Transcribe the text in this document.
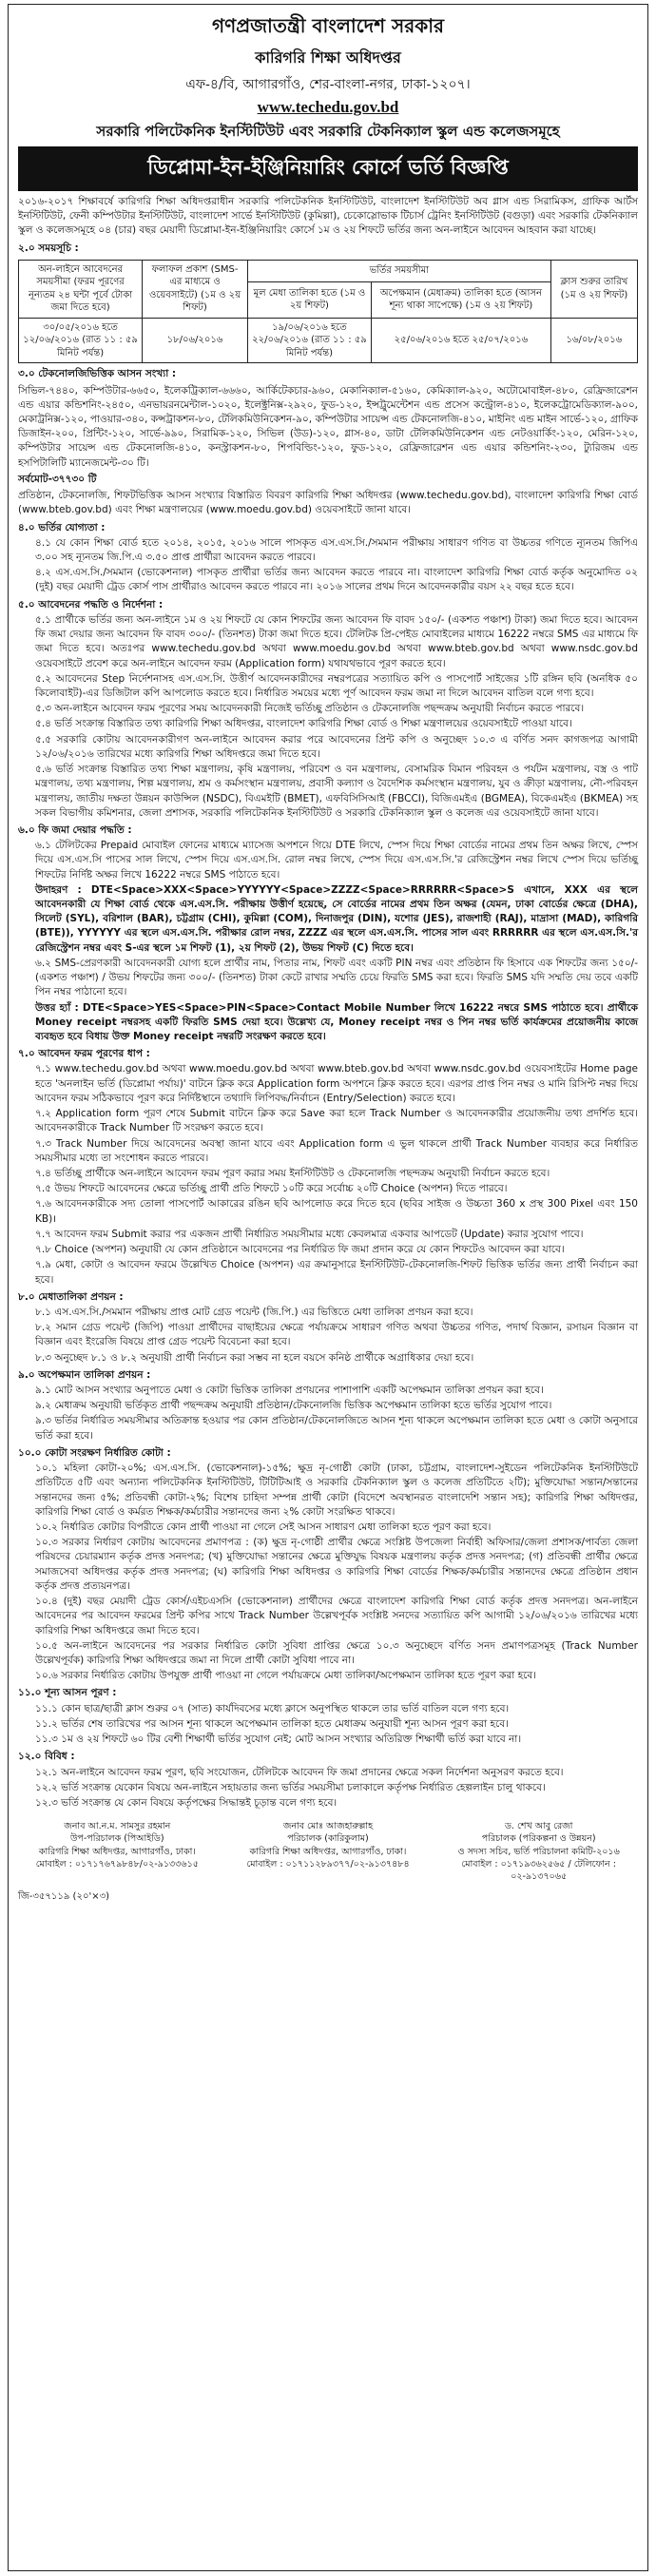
গণপ্রজাতন্ত্রী বাংলাদেশ সরকার
কারিগরি শিক্ষা অধিদপ্তর
এফ-৪/বি, আগারগাঁও, শের-বাংলা-নগর, ঢাকা-১২০৭।
www.techedu.gov.bd
সরকারি পলিটেকনিক ইনস্টিটিউট এবং সরকারি টেকনিক্যাল স্কুল এন্ড কলেজসমূহে
ডিপ্লোমা-ইন-ইঞ্জিনিয়ারিং কোর্সে ভর্তি বিজ্ঞপ্তি
২০১৬-২০১৭ শিক্ষাবর্ষে কারিগরি শিক্ষা অধিদপ্তরাধীন সরকারি পলিটেকনিক ইনস্টিটিউট, বাংলাদেশ ইনস্টিটিউট অব গ্লাস এন্ড সিরামিকস, গ্রাফিক আর্টস ইনস্টিটিউট, ফেনী কম্পিউটার ইনস্টিটিউট, বাংলাদেশ সার্ভে ইনস্টিটিউট (কুমিল্লা), চেকোস্লোভাক টিচার্স ট্রেনিং ইনস্টিটিউট (বগুড়া) এবং সরকারি টেকনিক্যাল স্কুল ও কলেজসমূহে ০৪ (চার) বছর মেয়াদী ডিপ্লোমা-ইন-ইঞ্জিনিয়ারিং কোর্সে ১ম ও ২য় শিফটে ভর্তির জন্য অন-লাইনে আবেদন আহবান করা যাচ্ছে।
২.০ সময়সূচি :
অন-লাইনে আবেদনের সময়সীমা (ফরম পূরণের নূন্যতম ২৪ ঘন্টা পূর্বে টোকা জমা দিতে হবে)	ফলাফল প্রকাশ (SMS-এর মাধ্যমে ও ওয়েবসাইটে) (১ম ও ২য় শিফট)	ভর্তির সময়সীমা		ক্লাস শুরুর তারিখ (১ম ও ২য় শিফট)
		মূল মেধা তালিকা হতে (১ম ও ২য় শিফট)	অপেক্ষমান (মেধাক্রম) তালিকা হতে (আসন শূন্য থাকা সাপেক্ষে) (১ম ও ২য় শিফট)	
৩০/০৫/২০১৬ হতে ১২/০৬/২০১৬ (রাত ১১ : ৫৯ মিনিট পর্যন্ত)	১৮/০৬/২০১৬	১৯/০৬/২০১৬ হতে ২২/০৬/২০১৬ (রাত ১১ : ৫৯ মিনিট পর্যন্ত)	২৫/০৬/২০১৬ হতে ২৫/০৭/২০১৬	১৬/০৮/২০১৬
৩.০ টেকনোলজিভিত্তিক আসন সংখ্যা :
সিভিল-৭৪৪০, কম্পিউটার-৬৬৫০, ইলেকট্রিক্যাল-৬৬৬০, আর্কিটেকচার-৯৬০, মেকানিক্যাল-৫১৬০, কেমিক্যাল-৯২০, অটোমোবাইল-৪৮০, রেফ্রিজারেশন এন্ড এয়ার কন্ডিশনিং-২৪৫০, এনভায়রনমেন্টাল-১০২০, ইলেক্ট্রনিক্স-২৯২০, ফুড-১২০, ইন্সট্রুমেন্টেশন এন্ড প্রসেস কন্ট্রোল-৪১০, ইলেকট্রোমেডিক্যাল-৯০০, মেকাট্রনিক্স-১২০, পাওয়ার-৩৪০, কন্সট্রাকশন-৮০, টেলিকমিউনিকেশন-৯০, কম্পিউটার সায়েন্স এন্ড টেকনোলজি-৪১০, মাইনিং এন্ড মাইন সার্ভে-১২০, গ্রাফিক ডিজাইন-২০০, প্রিন্টিং-১২০, সার্ভে-৯৯০, সিরামিক-১২০, সিভিল (উড)-১২০, গ্লাস-৪০, ডাটা টেলিকমিউনিকেশন এন্ড নেটওয়ার্কিং-১২০, মেরিন-১২০, কম্পিউটার সায়েন্স এন্ড টেকনোলজি-৪১০, কনস্ট্রাকশন-৮০, শিপবিল্ডিং-১২০, ফুড-১২০, রেফ্রিজারেশন এন্ড এয়ার কন্ডিশনিং-২৩০, ট্যুরিজম এন্ড হসপিটালিটি ম্যানেজমেন্ট-৩০ টি।
সর্বমোট-৩৭৭৩০ টি
প্রতিষ্ঠান, টেকনোলজি, শিফটভিত্তিক আসন সংখ্যার বিস্তারিত বিবরণ কারিগরি শিক্ষা অধিদপ্তর (www.techedu.gov.bd), বাংলাদেশ কারিগরি শিক্ষা বোর্ড (www.bteb.gov.bd) এবং শিক্ষা মন্ত্রণালয়ের (www.moedu.gov.bd) ওয়েবসাইটে জানা যাবে।
৪.০ ভর্তির যোগ্যতা :
৪.১ যে কোন শিক্ষা বোর্ড হতে ২০১৪, ২০১৫, ২০১৬ সালে পাসকৃত এস.এস.সি./সমমান পরীক্ষায় সাধারণ গণিত বা উচ্চতর গণিতে ন্যূনতম জিপিএ ৩.০০ সহ ন্যূনতম জি.পি.এ ৩.৫০ প্রাপ্ত প্রার্থীরা আবেদন করতে পারবে।
৪.২ এস.এস.সি./সমমান (ভোকেশনাল) পাসকৃত প্রার্থীরা ভর্তির জন্য আবেদন করতে পারবে না। বাংলাদেশ কারিগরি শিক্ষা বোর্ড কর্তৃক অনুমোদিত ০২ (দুই) বছর মেয়াদী ট্রেড কোর্স পাস প্রার্থীরাও আবেদন করতে পারবে না। ২০১৬ সালের প্রথম দিনে আবেদনকারীর বয়স ২২ বছর হতে হবে।
৫.০ আবেদনের পদ্ধতি ও নির্দেশনা :
৫.১ প্রার্থীকে ভর্তির জন্য অন-লাইনে ১ম ও ২য় শিফটে যে কোন শিফটের জন্য আবেদন ফি বাবদ ১৫০/- (একশত পঞ্চাশ) টাকা) জমা দিতে হবে। আবেদন ফি জমা দেয়ার জন্য আবেদন ফি বাবদ ৩০০/- (তিনশত) টাকা জমা দিতে হবে। টেলিটক প্রি-পেইড মোবাইলের মাধ্যমে 16222 নম্বরে SMS এর মাধ্যমে ফি জমা দিতে হবে। অতঃপর www.techedu.gov.bd অথবা www.moedu.gov.bd অথবা www.bteb.gov.bd অথবা www.nsdc.gov.bd ওয়েবসাইটে প্রবেশ করে অন-লাইনে আবেদন ফরম (Application form) যথাযথভাবে পূরণ করতে হবে।
৫.২ আবেদনের Step নির্দেশনাসহ এস.এস.সি. উত্তীর্ণ আবেদনকারীদের নম্বরপত্রের সত্যায়িত কপি ও পাসপোর্ট সাইজের ১টি রঙ্গিন ছবি (অনধিক ৫০ কিলোবাইট)-এর ডিজিটাল কপি আপলোড করতে হবে। নির্ধারিত সময়ের মধ্যে পূর্ণ আবেদন ফরম জমা না দিলে আবেদন বাতিল বলে গণ্য হবে।
৫.৩ অন-লাইনে আবেদন ফরম পূরণের সময় আবেদনকারী নিজেই ভর্তিচ্ছু প্রতিষ্ঠান ও টেকনোলজি পছন্দক্রম অনুযায়ী নির্বাচন করতে পারবে।
৫.৪ ভর্তি সংক্রান্ত বিস্তারিত তথ্য কারিগরি শিক্ষা অধিদপ্তর, বাংলাদেশ কারিগরি শিক্ষা বোর্ড ও শিক্ষা মন্ত্রণালয়ের ওয়েবসাইটে পাওয়া যাবে।
৫.৫ সরকারি কোটায় আবেদনকারীগণ অন-লাইনে আবেদন করার পরে আবেদনের প্রিন্ট কপি ও অনুচ্ছেদ ১০.৩ এ বর্ণিত সনদ কাগজপত্র আগামী ১২/০৬/২০১৬ তারিখের মধ্যে কারিগরি শিক্ষা অধিদপ্তরে জমা দিতে হবে।
৫.৬ ভর্তি সংক্রান্ত বিস্তারিত তথ্য শিক্ষা মন্ত্রণালয়, কৃষি মন্ত্রণালয়, পরিবেশ ও বন মন্ত্রণালয়, বেসামরিক বিমান পরিবহন ও পর্যটন মন্ত্রণালয়, বস্ত্র ও পাট মন্ত্রণালয়, তথ্য মন্ত্রণালয়, শিল্প মন্ত্রণালয়, শ্রম ও কর্মসংস্থান মন্ত্রণালয়, প্রবাসী কল্যাণ ও বৈদেশিক কর্মসংস্থান মন্ত্রণালয়, যুব ও ক্রীড়া মন্ত্রণালয়, নৌ-পরিবহন মন্ত্রণালয়, জাতীয় দক্ষতা উন্নয়ন কাউন্সিল (NSDC), বিএমইটি (BMET), এফবিসিসিআই (FBCCI), বিজিএমইএ (BGMEA), বিকেএমইএ (BKMEA) সহ সকল বিভাগীয় কমিশনার, জেলা প্রশাসক, সরকারি পলিটেকনিক ইনস্টিটিউট ও সরকারি টেকনিক্যাল স্কুল ও কলেজ এর ওয়েবসাইটে জানা যাবে।
৬.০ ফি জমা দেয়ার পদ্ধতি :
৬.১ টেলিটকের Prepaid মোবাইল ফোনের মাধ্যমে ম্যাসেজ অপশনে গিয়ে DTE লিখে, স্পেস দিয়ে শিক্ষা বোর্ডের নামের প্রথম তিন অক্ষর লিখে, স্পেস দিয়ে এস.এস.সি পাসের সাল লিখে, স্পেস দিয়ে এস.এস.সি. রোল নম্বর লিখে, স্পেস দিয়ে এস.এস.সি.'র রেজিস্ট্রেশন নম্বর লিখে স্পেস দিয়ে ভর্তিচ্ছু শিফটের নির্দিষ্ট অক্ষর লিখে 16222 নম্বরে SMS পাঠাতে হবে।
উদাহরণ : DTE<Space>XXX<Space>YYYYYY<Space>ZZZZ<Space>RRRRRR<Space>S এখানে, XXX এর স্থলে আবেদনকারী যে শিক্ষা বোর্ড থেকে এস.এস.সি. পরীক্ষায় উত্তীর্ণ হয়েছে, সে বোর্ডের নামের প্রথম তিন অক্ষর (যেমন, ঢাকা বোর্ডের ক্ষেত্রে (DHA), সিলেট (SYL), বরিশাল (BAR), চট্টগ্রাম (CHI), কুমিল্লা (COM), দিনাজপুর (DIN), যশোর (JES), রাজশাহী (RAJ), মাদ্রাসা (MAD), কারিগরি (BTE)), YYYYYY এর স্থলে এস.এস.সি. পরীক্ষার রোল নম্বর, ZZZZ এর স্থলে এস.এস.সি. পাসের সাল এবং RRRRRR এর স্থলে এস.এস.সি.'র রেজিস্ট্রেশন নম্বর এবং S-এর স্থলে ১ম শিফট (1), ২য় শিফট (2), উভয় শিফট (C) দিতে হবে।
৬.২ SMS-প্রেরণকারী আবেদনকারী যোগ্য হলে প্রার্থীর নাম, পিতার নাম, শিফট এবং একটি PIN নম্বর এবং প্রতিষ্ঠান ফি হিসাবে এক শিফটের জন্য ১৫০/-(একশত পঞ্চাশ) / উভয় শিফটের জন্য ৩০০/- (তিনশত) টাকা কেটে রাখার সম্মতি চেয়ে ফিরতি SMS করা হবে। ফিরতি SMS যদি সম্মতি দেয় তবে একটি পিন নম্বর পাঠানো হবে।
উত্তর হ্যাঁ : DTE<Space>YES<Space>PIN<Space>Contact Mobile Number লিখে 16222 নম্বরে SMS পাঠাতে হবে। প্রার্থীকে Money receipt নম্বরসহ একটি ফিরতি SMS দেয়া হবে। উল্লেখ্য যে, Money receipt নম্বর ও পিন নম্বর ভর্তি কার্যক্রমের প্রয়োজনীয় কাজে ব্যবহৃত হবে বিধায় উক্ত Money receipt নম্বরটি সংরক্ষণ করতে হবে।
৭.০ আবেদন ফরম পূরণের ধাপ :
৭.১ www.techedu.gov.bd অথবা www.moedu.gov.bd অথবা www.bteb.gov.bd অথবা www.nsdc.gov.bd ওয়েবসাইটের Home page হতে 'অনলাইন ভর্তি (ডিপ্লোমা পর্যায়)' বাটনে ক্লিক করে Application form অপশনে ক্লিক করতে হবে। এরপর প্রাপ্ত পিন নম্বর ও মানি রিসিপ্ট নম্বর দিয়ে আবেদন ফরম সঠিকভাবে পূরণ করে নির্দিষ্টস্থানে তথ্যাদি লিপিবদ্ধ/নির্বাচন (Entry/Selection) করতে হবে।
৭.২ Application form পূরণ শেষে Submit বাটনে ক্লিক করে Save করা হলে Track Number ও আবেদনকারীর প্রয়োজনীয় তথ্য প্রদর্শিত হবে। আবেদনকারীকে Track Number টি সংরক্ষণ করতে হবে।
৭.৩ Track Number দিয়ে আবেদনের অবস্থা জানা যাবে এবং Application form এ ভুল থাকলে প্রার্থী Track Number ব্যবহার করে নির্ধারিত সময়সীমার মধ্যে তা সংশোধন করতে পারবে।
৭.৪ ভর্তিচ্ছু প্রার্থীকে অন-লাইনে আবেদন ফরম পূরণ করার সময় ইনস্টিটিউট ও টেকনোলজি পছন্দক্রম অনুযায়ী নির্বাচন করতে হবে।
৭.৫ উভয় শিফটে আবেদনের ক্ষেত্রে ভর্তিচ্ছু প্রার্থী প্রতি শিফটে ১০টি করে সর্বোচ্চ ২০টি Choice (অপশন) দিতে পারবে।
৭.৬ আবেদনকারীকে সদ্য তোলা পাসপোর্ট আকারের রঙিন ছবি আপলোড করে দিতে হবে (ছবির সাইজ ও উচ্চতা 360 x প্রস্থ 300 Pixel এবং 150 KB)।
৭.৭ আবেদন ফরম Submit করার পর একজন প্রার্থী নির্ধারিত সময়সীমার মধ্যে কেবলমাত্র একবার আপডেট (Update) করার সুযোগ পাবে।
৭.৮ Choice (অপশন) অনুযায়ী যে কোন প্রতিষ্ঠানে আবেদনের পর নির্ধারিত ফি জমা প্রদান করে যে কোন শিফটেও আবেদন করা যাবে।
৭.৯ মেধা, কোটা ও আবেদন ফরমে উল্লেখিত Choice (অপশন) এর ক্রমানুসারে ইনস্টিটিউট-টেকনোলজি-শিফট ভিত্তিক ভর্তির জন্য প্রার্থী নির্বাচন করা হবে।
৮.০ মেধাতালিকা প্রণয়ন :
৮.১ এস.এস.সি./সমমান পরীক্ষায় প্রাপ্ত মোট গ্রেড পয়েন্ট (জি.পি.) এর ভিত্তিতে মেধা তালিকা প্রণয়ন করা হবে।
৮.২ সমান গ্রেড পয়েন্ট (জিপি) পাওয়া প্রার্থীদের বাছাইয়ের ক্ষেত্রে পর্যায়ক্রমে সাধারণ গণিত অথবা উচ্চতর গণিত, পদার্থ বিজ্ঞান, রসায়ন বিজ্ঞান বা বিজ্ঞান এবং ইংরেজি বিষয়ে প্রাপ্ত গ্রেড পয়েন্ট বিবেচনা করা হবে।
৮.৩ অনুচ্ছেদ ৮.১ ও ৮.২ অনুযায়ী প্রার্থী নির্বাচন করা সম্ভব না হলে বয়সে কনিষ্ঠ প্রার্থীকে অগ্রাধিকার দেয়া হবে।
৯.০ অপেক্ষমান তালিকা প্রণয়ন :
৯.১ মোট আসন সংখ্যার অনুপাতে মেধা ও কোটা ভিত্তিক তালিকা প্রণয়নের পাশাপাশি একটি অপেক্ষমান তালিকা প্রণয়ন করা হবে।
৯.২ মেধাক্রম অনুযায়ী ভর্তিকৃত প্রার্থী পছন্দক্রম অনুযায়ী প্রতিষ্ঠান/টেকনোলজি ভিত্তিক অপেক্ষমান তালিকা হতে ভর্তির সুযোগ পাবে।
৯.৩ ভর্তির নির্ধারিত সময়সীমার অতিক্রান্ত হওয়ার পর কোন প্রতিষ্ঠান/টেকনোলজিতে আসন শূন্য থাকলে অপেক্ষমান তালিকা হতে মেধা ও কোটা অনুসারে ভর্তি করা হবে।
১০.০ কোটা সংরক্ষণ নির্ধারিত কোটা :
১০.১ মহিলা কোটা-২০%; এস.এস.সি. (ভোকেশনাল)-১৫%; ক্ষুদ্র নৃ-গোষ্ঠী কোটা (ঢাকা, চট্টগ্রাম, বাংলাদেশ-সুইডেন পলিটেকনিক ইনস্টিটিউটে প্রতিটিতে ৫টি এবং অন্যান্য পলিটেকনিক ইনস্টিটিউট, টিটিটিআই ও সরকারি টেকনিক্যাল স্কুল ও কলেজ প্রতিটিতে ২টি); মুক্তিযোদ্ধা সন্তান/সন্তানের সন্তানদের জন্য ৫%; প্রতিবন্ধী কোটা-২%; বিশেষ চাহিদা সম্পন্ন প্রার্থী কোটা (বিদেশে অবস্থানরত বাংলাদেশি সন্তান সহ); কারিগরি শিক্ষা অধিদপ্তর, কারিগরি শিক্ষা বোর্ড ও কর্মরত শিক্ষক/কর্মচারীর সন্তানদের জন্য ২% কোটা সংরক্ষিত থাকবে।
১০.২ নির্ধারিত কোটার বিপরীতে কোন প্রার্থী পাওয়া না গেলে সেই আসন সাধারণ মেধা তালিকা হতে পূরণ করা হবে।
১০.৩ সরকার নির্ধারণ কোটায় আবেদনের প্রমাণপত্র : (ক) ক্ষুদ্র নৃ-গোষ্ঠী প্রার্থীর ক্ষেত্রে সংশ্লিষ্ট উপজেলা নির্বাহী অফিসার/জেলা প্রশাসক/পার্বত্য জেলা পরিষদের চেয়ারম্যান কর্তৃক প্রদত্ত সনদপত্র; (খ) মুক্তিযোদ্ধা সন্তানের ক্ষেত্রে মুক্তিযুদ্ধ বিষয়ক মন্ত্রণালয় কর্তৃক প্রদত্ত সনদপত্র; (গ) প্রতিবন্ধী প্রার্থীর ক্ষেত্রে সমাজসেবা অধিদপ্তর কর্তৃক প্রদত্ত সনদপত্র; (ঘ) কারিগরি শিক্ষা অধিদপ্তর ও কারিগরি শিক্ষা বোর্ডের শিক্ষক/কর্মচারীর সন্তানদের ক্ষেত্রে প্রতিষ্ঠান প্রধান কর্তৃক প্রদত্ত প্রত্যয়নপত্র।
১০.৪ (দুই) বছর মেয়াদী ট্রেড কোর্স/এইচএসসি (ভোকেশনাল) প্রার্থীদের ক্ষেত্রে বাংলাদেশ কারিগরি শিক্ষা বোর্ড কর্তৃক প্রদত্ত সনদপত্র। অন-লাইনে আবেদনের পর আবেদন ফরমের প্রিন্ট কপির সাথে Track Number উল্লেখপূর্বক সংশ্লিষ্ট সনদের সত্যায়িত কপি আগামী ১২/০৬/২০১৬ তারিখের মধ্যে কারিগরি শিক্ষা অধিদপ্তরে জমা দিতে হবে।
১০.৫ অন-লাইনে আবেদনের পর সরকার নির্ধারিত কোটা সুবিধা প্রাপ্তির ক্ষেত্রে ১০.৩ অনুচ্ছেদে বর্ণিত সনদ প্রমাণপত্রসমূহ (Track Number উল্লেখপূর্বক) কারিগরি শিক্ষা অধিদপ্তরে জমা না দিলে প্রার্থী কোটা সুবিধা পাবে না।
১০.৬ সরকার নির্ধারিত কোটায় উপযুক্ত প্রার্থী পাওয়া না গেলে পর্যায়ক্রমে মেধা তালিকা/অপেক্ষমান তালিকা হতে পূরণ করা হবে।
১১.০ শূন্য আসন পূরণ :
১১.১ কোন ছাত্র/ছাত্রী ক্লাস শুরুর ০৭ (সাত) কার্যদিবসের মধ্যে ক্লাসে অনুপস্থিত থাকলে তার ভর্তি বাতিল বলে গণ্য হবে।
১১.২ ভর্তির শেষ তারিখের পর আসন শূন্য থাকলে অপেক্ষমান তালিকা হতে মেধাক্রম অনুযায়ী শূন্য আসন পূরণ করা হবে।
১১.৩ ১ম ও ২য় শিফটে ৬০ টির বেশী শিক্ষার্থী ভর্তির সুযোগ নেই; মোট আসন সংখ্যার অতিরিক্ত শিক্ষার্থী ভর্তি করা যাবে না।
১২.০ বিবিধ :
১২.১ অন-লাইনে আবেদন ফরম পূরণ, ছবি সংযোজন, টেলিটকে আবেদন ফি জমা প্রদানের ক্ষেত্রে সকল নির্দেশনা অনুসরণ করতে হবে।
১২.২ ভর্তি সংক্রান্ত যেকোন বিষয়ে অন-লাইনে সহায়তার জন্য ভর্তির সময়সীমা চলাকালে কর্তৃপক্ষ নির্ধারিত হেল্পলাইন চালু থাকবে।
১২.৩ ভর্তি সংক্রান্ত যে কোন বিষয়ে কর্তৃপক্ষের সিদ্ধান্তই চূড়ান্ত বলে গণ্য হবে।
জনাব আ.ন.ম. সামসুর রহমান
উপ-পরিচালক (পিআইডি)
কারিগরি শিক্ষা অধিদপ্তর, আগারগাঁও, ঢাকা।
মোবাইল : ০১৭১৭৬৭৯৮৪৮/০২-৯১৩৩৬১৫
জনাব মোঃ আজহারুল্লাহ
পরিচালক (কারিকুলাম)
কারিগরি শিক্ষা অধিদপ্তর, আগারগাঁও, ঢাকা।
মোবাইল : ০১৭১১২৮৯৩৭৭/০২-৯১৩৭৪৮৪
ড. শেখ আবু রেজা
পরিচালক (পরিকল্পনা ও উন্নয়ন)
ও সদস্য সচিব, ভর্তি পরিচালনা কমিটি-২০১৬
মোবাইল : ০১৭১৯৩৬২৫৬৫ / টেলিফোন : ০২-৯১৩৭০৬৫
জি-৩৫৭১১৯ (২০'×৩)
